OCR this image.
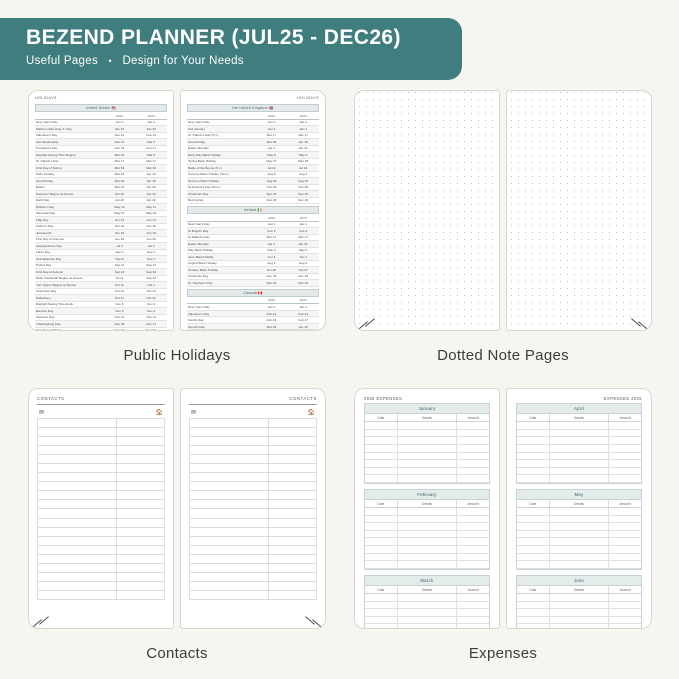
BEZEND PLANNER (JUL25 - DEC26)
Useful Pages • Design for Your Needs
HOLIDAYS
United States 🇺🇸
	2024	2025
New Year's Day	Jan 1	Jan 1
Martin Luther King Jr. Day	Jan 15	Jan 20
Valentine's Day	Feb 14	Feb 14
Ash Wednesday	Feb 14	Mar 5
President's Day	Feb 19	Feb 17
Daylight Saving Time Begins	Mar 10	Mar 9
St. Patrick's Day	Mar 17	Mar 17
First Day of Spring	Mar 19	Mar 20
Palm Sunday	Mar 24	Apr 13
Good Friday	Mar 29	Apr 18
Easter	Mar 31	Apr 20
Passover Begins at Sunset	Apr 22	Apr 12
Earth Day	Apr 22	Apr 22
Mother's Day	May 12	May 11
Memorial Day	May 27	May 26
Flag Day	Jun 14	Jun 14
Father's Day	Jun 16	Jun 15
Juneteenth	Jun 19	Jun 19
First Day of Summer	Jun 20	Jun 20
Independence Day	Jul 4	Jul 4
Labor Day	Sep 2	Sep 1
Grandparents Day	Sep 8	Sep 7
Patriot Day	Sep 11	Sep 11
First Day of Autumn	Sep 22	Sep 22
Rosh Hashanah Begins at Sunset	Oct 2	Sep 22
Yom Kippur Begins at Sunset	Oct 11	Oct 1
Columbus Day	Oct 14	Oct 13
Halloween	Oct 31	Oct 31
Daylight Saving Time Ends	Nov 3	Nov 2
Election Day	Nov 5	Nov 4
Veterans Day	Nov 11	Nov 11
Thanksgiving Day	Nov 28	Nov 27
First Day of Winter	Dec 21	Dec 21

HOLIDAYS
the United Kingdom 🇬🇧
	2024	2025
New Year's Day	Jan 1	Jan 1
2nd January	Jan 2	Jan 2
St. Patrick's Day (N.I.)	Mar 17	Mar 17
Good Friday	Mar 29	Apr 18
Easter Monday	Apr 1	Apr 21
Early May Bank Holiday	May 6	May 5
Spring Bank Holiday	May 27	May 26
Battle of the Boyne (N.I.)	Jul 12	Jul 12
Summer Bank Holiday (Scot.)	Aug 5	Aug 4
Summer Bank Holiday	Aug 26	Aug 25
St Andrew's Day (Scot.)	Nov 30	Nov 30
Christmas Day	Dec 25	Dec 25
Boxing Day	Dec 26	Dec 26
Ireland 🇮🇪
	2024	2025
New Year's Day	Jan 1	Jan 1
St Brigid's Day	Feb 5	Feb 3
St Patrick's Day	Mar 17	Mar 17
Easter Monday	Apr 1	Apr 21
May Bank Holiday	May 6	May 5
June Bank Holiday	Jun 3	Jun 2
August Bank Holiday	Aug 5	Aug 4
October Bank Holiday	Oct 28	Oct 27
Christmas Day	Dec 25	Dec 25
St. Stephen's Day	Dec 26	Dec 26
Canada 🇨🇦
	2024	2025
New Year's Day	Jan 1	Jan 1
Valentine's Day	Feb 14	Feb 14
Family Day	Feb 19	Feb 17
Good Friday	Mar 29	Apr 18

Public Holidays	Dotted Note Pages
CONTACTS
✉	🏠

CONTACTS
✉	🏠

Contacts
2025 EXPENSES
January
Date	Details	Amount

February
Date	Details	Amount

March
Date	Details	Amount

EXPENSES 2025
April
Date	Details	Amount

May
Date	Details	Amount

June
Date	Details	Amount

Expenses
